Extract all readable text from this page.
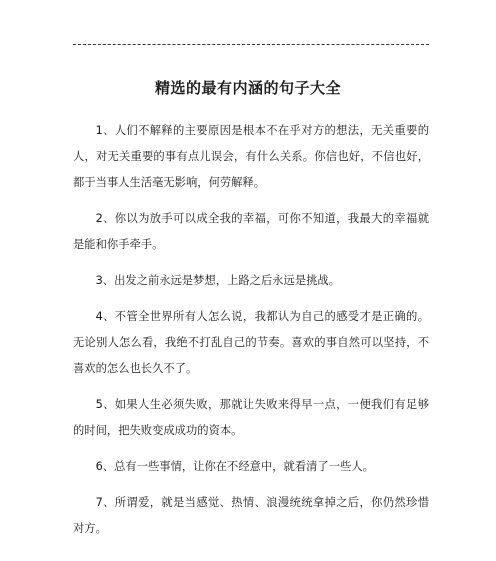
精选的最有内涵的句子大全

1、人们不解释的主要原因是根本不在乎对方的想法，无关重要的人，对无关重要的事有点儿误会，有什么关系。你信也好，不信也好，都于当事人生活毫无影响，何劳解释。

2、你以为放手可以成全我的幸福，可你不知道，我最大的幸福就是能和你手牵手。

3、出发之前永远是梦想，上路之后永远是挑战。

4、不管全世界所有人怎么说，我都认为自己的感受才是正确的。无论别人怎么看，我绝不打乱自己的节奏。喜欢的事自然可以坚持，不喜欢的怎么也长久不了。

5、如果人生必须失败，那就让失败来得早一点，一便我们有足够的时间，把失败变成成功的资本。

6、总有一些事情，让你在不经意中，就看清了一些人。

7、所谓爱，就是当感觉、热情、浪漫统统拿掉之后，你仍然珍惜对方。
